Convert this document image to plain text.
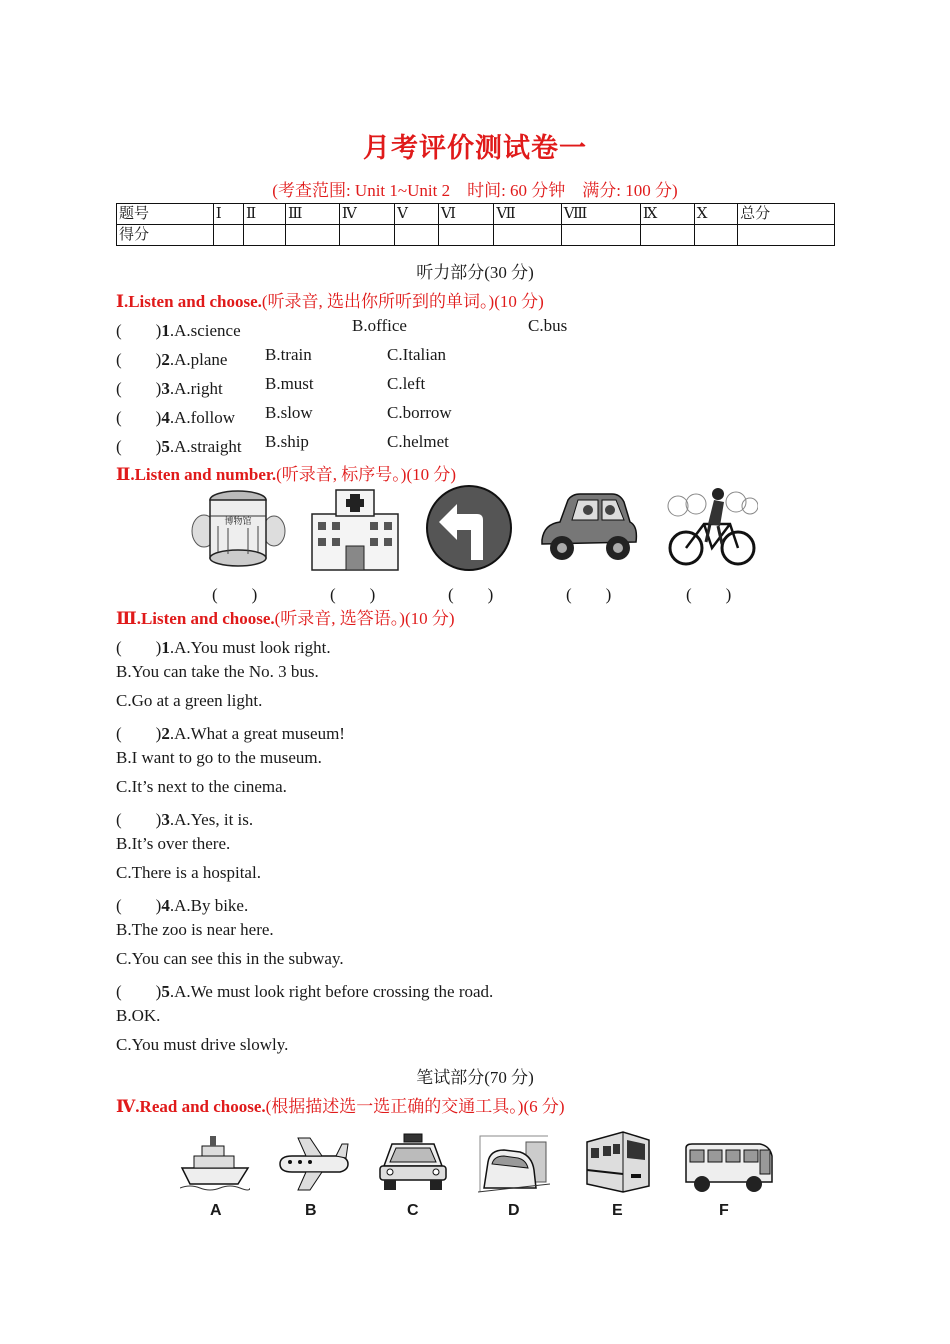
月考评价测试卷一
(考查范围: Unit 1~Unit 2　时间: 60 分钟　满分: 100 分)
题号	Ⅰ	Ⅱ	Ⅲ	Ⅳ	Ⅴ	Ⅵ	Ⅶ	Ⅷ	Ⅸ	Ⅹ	总分
得分											
听力部分(30 分)
Ⅰ.Listen and choose.(听录音, 选出你所听到的单词。)(10 分)
(　　)1.A.science	B.office	C.bus
(　　)2.A.plane B.train	C.Italian
(　　)3.A.right B.must	C.left
(　　)4.A.follow B.slow	C.borrow
(　　)5.A.straight B.ship	C.helmet
Ⅱ.Listen and number.(听录音, 标序号。)(10 分)
博物馆
(　　)	(　　)	(　　)	(　　)	(　　)
Ⅲ.Listen and choose.(听录音, 选答语。)(10 分)
(　　)1.A.You must look right.
B.You can take the No. 3 bus.
C.Go at a green light.
(　　)2.A.What a great museum!
B.I want to go to the museum.
C.It’s next to the cinema.
(　　)3.A.Yes, it is.
B.It’s over there.
C.There is a hospital.
(　　)4.A.By bike.
B.The zoo is near here.
C.You can see this in the subway.
(　　)5.A.We must look right before crossing the road.
B.OK.
C.You must drive slowly.
笔试部分(70 分)
Ⅳ.Read and choose.(根据描述选一选正确的交通工具。)(6 分)
A	B	C	D	E	F
